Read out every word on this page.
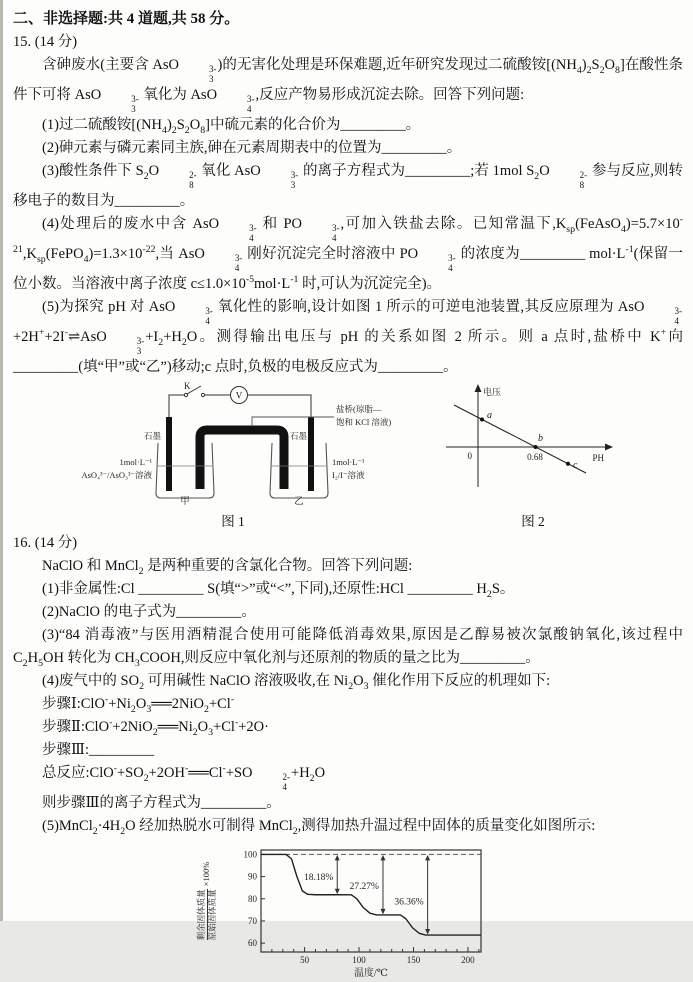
二、非选择题:共 4 道题,共 58 分。

15. (14 分)

含砷废水(主要含 AsO	3-
3
)的无害化处理是环保难题,近年研究发现过二硫酸铵$[(NH_4)_2S_2O_8]$在酸性条件下可将 AsO	3-
3
氧化为 AsO	3-
4
,反应产物易形成沉淀去除。回答下列问题:

(1)过二硫酸铵$[(NH_4)_2S_2O_8]$中硫元素的化合价为_________。

(2)砷元素与磷元素同主族,砷在元素周期表中的位置为_________。

(3)酸性条件下 $S_2O$	2-
8
氧化 AsO	3-
3
的离子方程式为_________;若 1mol $S_2O$	2-
8
参与反应,则转移电子的数目为_________。

(4)处理后的废水中含 AsO	3-
4
和 PO	3-
4
,可加入铁盐去除。已知常温下$,K_{sp}(FeAsO_4)=5.7\times 10^{-21},K_{sp}(FePO_4)=1.3\times 10^{-22}$,当 AsO	3-
4
刚好沉淀完全时溶液中 PO	3-
4
的浓度为_________ $mol\cdot L^{-1}$(保留一位小数。当溶液中离子浓度 $c\le 1.0\times 10^{-5}mol\cdot L^{-1}$ 时,可认为沉淀完全)。

(5)为探究 pH 对 AsO	3-
4
氧化性的影响,设计如图 1 所示的可逆电池装置,其反应原理为 AsO	3-
4
+2H++2I-⇌AsO	3-
3
$+I_2+H_2O$。测得输出电压与 pH 的关系如图 2 所示。则 a 点时,盐桥中 K+向_________(填“甲”或“乙”)移动;c 点时,负极的电极反应式为_________。

K
V
盐桥(琼脂—
饱和 KCl 溶液)
石墨	石墨
1mol·L⁻¹
AsO₄³⁻/AsO₃³⁻溶液
1mol·L⁻¹
I₂/I⁻溶液
甲	乙
图 1
a
b
c
电压
PH
0	0.68
图 2

16. (14 分)

NaClO 和 MnCl$_2$ 是两种重要的含氯化合物。回答下列问题:

(1)非金属性:Cl _________ S(填“>”或“<”,下同),还原性:HCl _________ $H_2S$。

(2)NaClO 的电子式为_________。

(3)“84 消毒液”与医用酒精混合使用可能降低消毒效果,原因是乙醇易被次氯酸钠氧化,该过程中 $C_2H_5OH$ 转化为 $CH_3COOH$,则反应中氧化剂与还原剂的物质的量之比为_________。

(4)废气中的 $SO_2$ 可用碱性 NaClO 溶液吸收,在 $Ni_2O_3$ 催化作用下反应的机理如下:

步骤$Ⅰ:ClO^-+Ni_2O_3══2NiO_2+Cl^-$

步骤$Ⅱ:ClO^-+2NiO_2══Ni_2O_3+Cl^-+2O\cdot$

步骤Ⅲ:_________

总反应$:ClO^-+SO_2+2OH^-══Cl^-+SO$	2-
4
$+H_2O$

则步骤Ⅲ的离子方程式为_________。

$(5)MnCl_2\cdot 4H_2O$ 经加热脱水可制得 MnCl$_2$,测得加热升温过程中固体的质量变化如图所示:

剩余固体质量 原始固体质量
×100%
60
70
80
90
100
50	100	150	200
18.18%
27.27%
36.36%
温度/℃
